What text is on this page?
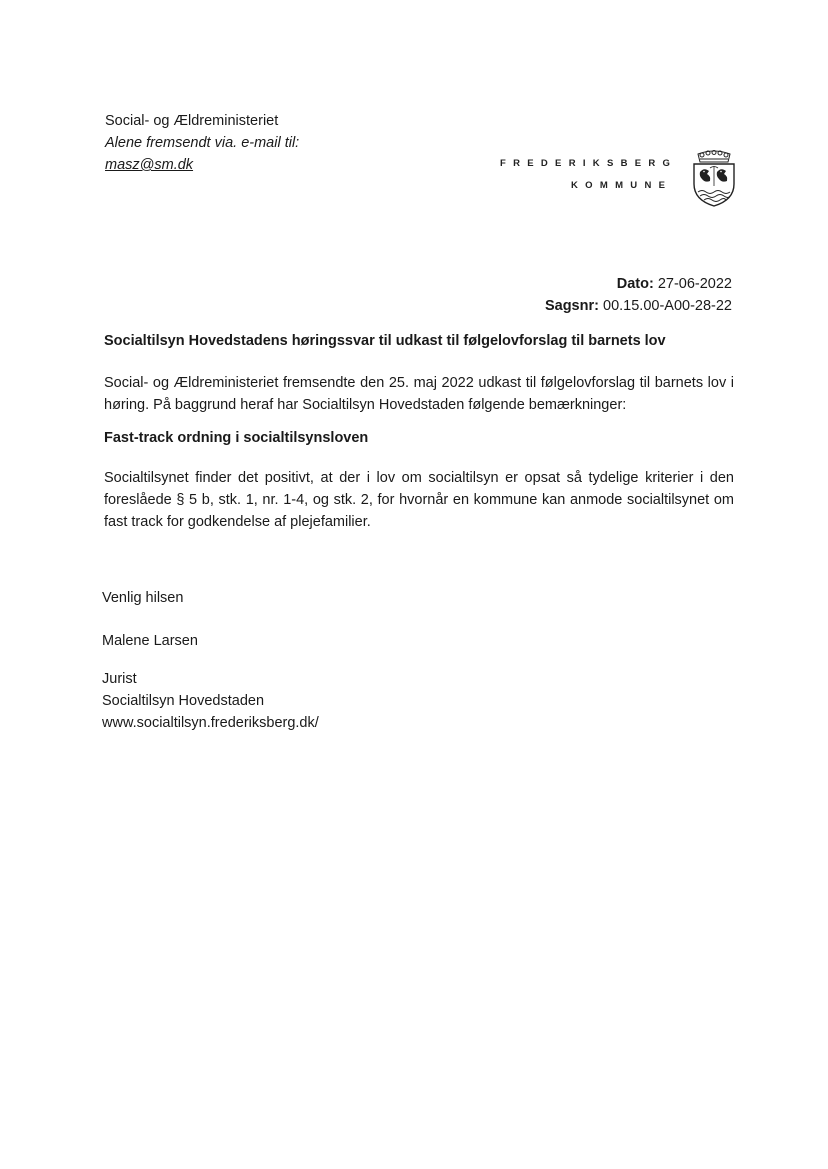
Social- og Ældreministeriet
Alene fremsendt via. e-mail til:
masz@sm.dk	FREDERIKSBERG
KOMMUNE
Dato: 27-06-2022
Sagsnr: 00.15.00-A00-28-22
Socialtilsyn Hovedstadens høringssvar til udkast til følgelovforslag til barnets lov
Social- og Ældreministeriet fremsendte den 25. maj 2022 udkast til følgelovforslag til barnets lov i høring. På baggrund heraf har Socialtilsyn Hovedstaden følgende bemærkninger:
Fast-track ordning i socialtilsynsloven
Socialtilsynet finder det positivt, at der i lov om socialtilsyn er opsat så tydelige kriterier i den foreslåede § 5 b, stk. 1, nr. 1-4, og stk. 2, for hvornår en kommune kan anmode socialtilsynet om fast track for godkendelse af plejefamilier.
Venlig hilsen
Malene Larsen
Jurist
Socialtilsyn Hovedstaden
www.socialtilsyn.frederiksberg.dk/
